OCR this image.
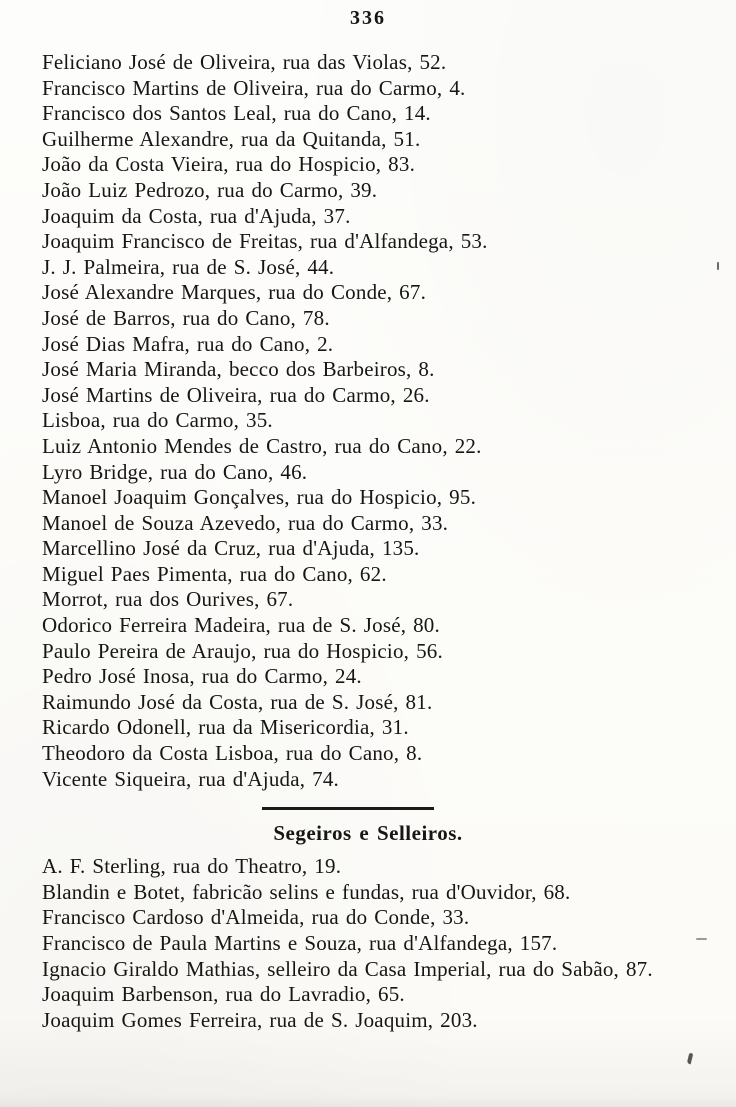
336
Feliciano José de Oliveira, rua das Violas, 52.
Francisco Martins de Oliveira, rua do Carmo, 4.
Francisco dos Santos Leal, rua do Cano, 14.
Guilherme Alexandre, rua da Quitanda, 51.
João da Costa Vieira, rua do Hospicio, 83.
João Luiz Pedrozo, rua do Carmo, 39.
Joaquim da Costa, rua d'Ajuda, 37.
Joaquim Francisco de Freitas, rua d'Alfandega, 53.
J. J. Palmeira, rua de S. José, 44.
José Alexandre Marques, rua do Conde, 67.
José de Barros, rua do Cano, 78.
José Dias Mafra, rua do Cano, 2.
José Maria Miranda, becco dos Barbeiros, 8.
José Martins de Oliveira, rua do Carmo, 26.
Lisboa, rua do Carmo, 35.
Luiz Antonio Mendes de Castro, rua do Cano, 22.
Lyro Bridge, rua do Cano, 46.
Manoel Joaquim Gonçalves, rua do Hospicio, 95.
Manoel de Souza Azevedo, rua do Carmo, 33.
Marcellino José da Cruz, rua d'Ajuda, 135.
Miguel Paes Pimenta, rua do Cano, 62.
Morrot, rua dos Ourives, 67.
Odorico Ferreira Madeira, rua de S. José, 80.
Paulo Pereira de Araujo, rua do Hospicio, 56.
Pedro José Inosa, rua do Carmo, 24.
Raimundo José da Costa, rua de S. José, 81.
Ricardo Odonell, rua da Misericordia, 31.
Theodoro da Costa Lisboa, rua do Cano, 8.
Vicente Siqueira, rua d'Ajuda, 74.
Segeiros e Selleiros.
A. F. Sterling, rua do Theatro, 19.
Blandin e Botet, fabricão selins e fundas, rua d'Ouvidor, 68.
Francisco Cardoso d'Almeida, rua do Conde, 33.
Francisco de Paula Martins e Souza, rua d'Alfandega, 157.
Ignacio Giraldo Mathias, selleiro da Casa Imperial, rua do Sabão, 87.
Joaquim Barbenson, rua do Lavradio, 65.
Joaquim Gomes Ferreira, rua de S. Joaquim, 203.
